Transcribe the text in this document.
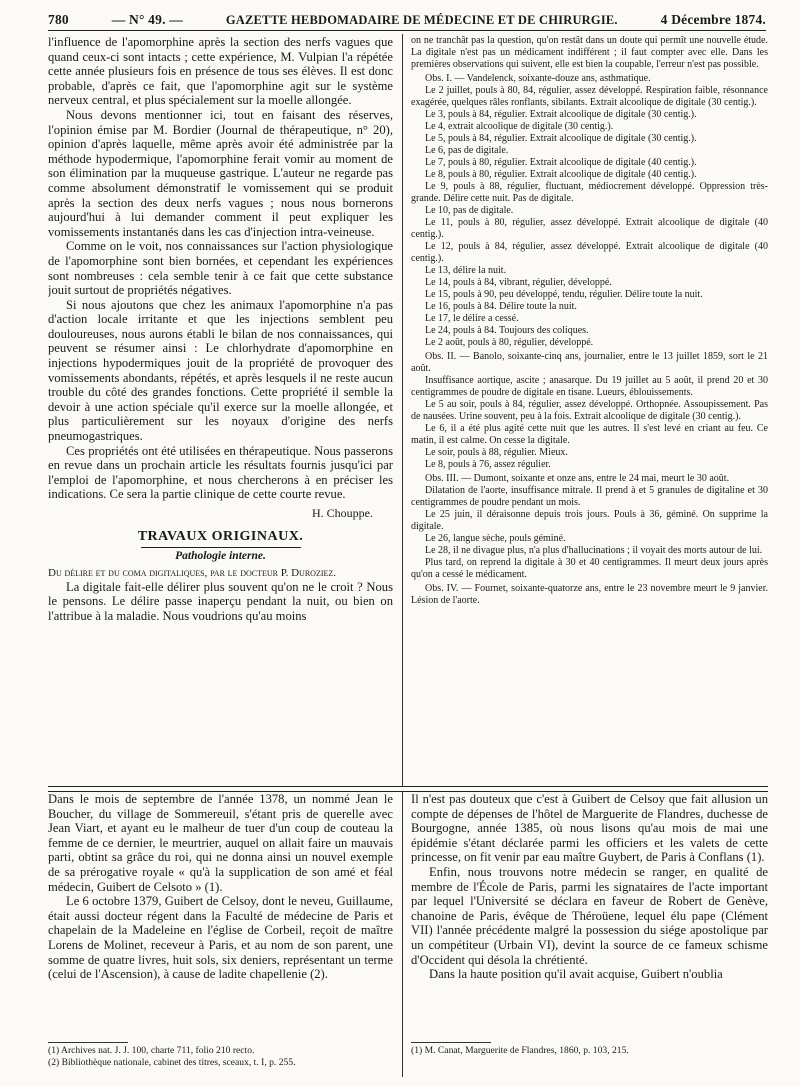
780	— N° 49. —	GAZETTE HEBDOMADAIRE DE MÉDECINE ET DE CHIRURGIE.	4 Décembre 1874.

l'influence de l'apomorphine après la section des nerfs vagues que quand ceux-ci sont intacts ; cette expérience, M. Vulpian l'a répétée cette année plusieurs fois en présence de tous ses élèves. Il est donc probable, d'après ce fait, que l'apomorphine agit sur le système nerveux central, et plus spécialement sur la moelle allongée.

Nous devons mentionner ici, tout en faisant des réserves, l'opinion émise par M. Bordier (Journal de thérapeutique, n° 20), opinion d'après laquelle, même après avoir été administrée par la méthode hypodermique, l'apomorphine ferait vomir au moment de son élimination par la muqueuse gastrique. L'auteur ne regarde pas comme absolument démonstratif le vomissement qui se produit après la section des deux nerfs vagues ; nous nous bornerons aujourd'hui à lui demander comment il peut expliquer les vomissements instantanés dans les cas d'injection intra-veineuse.

Comme on le voit, nos connaissances sur l'action physiologique de l'apomorphine sont bien bornées, et cependant les expériences sont nombreuses : cela semble tenir à ce fait que cette substance jouit surtout de propriétés négatives.

Si nous ajoutons que chez les animaux l'apomorphine n'a pas d'action locale irritante et que les injections semblent peu douloureuses, nous aurons établi le bilan de nos connaissances, qui peuvent se résumer ainsi : Le chlorhydrate d'apomorphine en injections hypodermiques jouit de la propriété de provoquer des vomissements abondants, répétés, et après lesquels il ne reste aucun trouble du côté des grandes fonctions. Cette propriété il semble la devoir à une action spéciale qu'il exerce sur la moelle allongée, et plus particulièrement sur les noyaux d'origine des nerfs pneumogastriques.

Ces propriétés ont été utilisées en thérapeutique. Nous passerons en revue dans un prochain article les résultats fournis jusqu'ici par l'emploi de l'apomorphine, et nous chercherons à en préciser les indications. Ce sera la partie clinique de cette courte revue.

H. Chouppe.

TRAVAUX ORIGINAUX.
Pathologie interne.

Du délire et du coma digitaliques, par le docteur P. Duroziez.

La digitale fait-elle délirer plus souvent qu'on ne le croit ? Nous le pensons. Le délire passe inaperçu pendant la nuit, ou bien on l'attribue à la maladie. Nous voudrions qu'au moins

on ne tranchât pas la question, qu'on restât dans un doute qui permît une nouvelle étude. La digitale n'est pas un médicament indifférent ; il faut compter avec elle. Dans les premières observations qui suivent, elle est bien la coupable, l'erreur n'est pas possible.

Obs. I. — Vandelenck, soixante-douze ans, asthmatique.

Le 2 juillet, pouls à 80, 84, régulier, assez développé. Respiration faible, résonnance exagérée, quelques râles ronflants, sibilants. Extrait alcoolique de digitale (30 centig.).

Le 3, pouls à 84, régulier. Extrait alcoolique de digitale (30 centig.).

Le 4, extrait alcoolique de digitale (30 centig.).

Le 5, pouls à 84, régulier. Extrait alcoolique de digitale (30 centig.).

Le 6, pas de digitale.

Le 7, pouls à 80, régulier. Extrait alcoolique de digitale (40 centig.).

Le 8, pouls à 80, régulier. Extrait alcoolique de digitale (40 centig.).

Le 9, pouls à 88, régulier, fluctuant, médiocrement développé. Oppression très-grande. Délire cette nuit. Pas de digitale.

Le 10, pas de digitale.

Le 11, pouls à 80, régulier, assez développé. Extrait alcoolique de digitale (40 centig.).

Le 12, pouls à 84, régulier, assez développé. Extrait alcoolique de digitale (40 centig.).

Le 13, délire la nuit.

Le 14, pouls à 84, vibrant, régulier, développé.

Le 15, pouls à 90, peu développé, tendu, régulier. Délire toute la nuit.

Le 16, pouls à 84. Délire toute la nuit.

Le 17, le délire a cessé.

Le 24, pouls à 84. Toujours des coliques.

Le 2 août, pouls à 80, régulier, développé.

Obs. II. — Banolo, soixante-cinq ans, journalier, entre le 13 juillet 1859, sort le 21 août.

Insuffisance aortique, ascite ; anasarque. Du 19 juillet au 5 août, il prend 20 et 30 centigrammes de poudre de digitale en tisane. Lueurs, éblouissements.

Le 5 au soir, pouls à 84, régulier, assez développé. Orthopnée. Assoupissement. Pas de nausées. Urine souvent, peu à la fois. Extrait alcoolique de digitale (30 centig.).

Le 6, il a été plus agité cette nuit que les autres. Il s'est levé en criant au feu. Ce matin, il est calme. On cesse la digitale.

Le soir, pouls à 88, régulier. Mieux.

Le 8, pouls à 76, assez régulier.

Obs. III. — Dumont, soixante et onze ans, entre le 24 mai, meurt le 30 août.

Dilatation de l'aorte, insuffisance mitrale. Il prend à et 5 granules de digitaline et 30 centigrammes de poudre pendant un mois.

Le 25 juin, il déraisonne depuis trois jours. Pouls à 36, géminé. On supprime la digitale.

Le 26, langue sèche, pouls géminé.

Le 28, il ne divague plus, n'a plus d'hallucinations ; il voyait des morts autour de lui.

Plus tard, on reprend la digitale à 30 et 40 centigrammes. Il meurt deux jours après qu'on a cessé le médicament.

Obs. IV. — Fournet, soixante-quatorze ans, entre le 23 novembre meurt le 9 janvier. Lésion de l'aorte.

Dans le mois de septembre de l'année 1378, un nommé Jean le Boucher, du village de Sommereuil, s'étant pris de querelle avec Jean Viart, et ayant eu le malheur de tuer d'un coup de couteau la femme de ce dernier, le meurtrier, auquel on allait faire un mauvais parti, obtint sa grâce du roi, qui ne donna ainsi un nouvel exemple de sa prérogative royale « qu'à la supplication de son amé et féal médecin, Guibert de Celsoto » (1).

Le 6 octobre 1379, Guibert de Celsoy, dont le neveu, Guillaume, était aussi docteur régent dans la Faculté de médecine de Paris et chapelain de la Madeleine en l'église de Corbeil, reçoit de maître Lorens de Molinet, receveur à Paris, et au nom de son parent, une somme de quatre livres, huit sols, six deniers, représentant un terme (celui de l'Ascension), à cause de ladite chapellenie (2).

Il n'est pas douteux que c'est à Guibert de Celsoy que fait allusion un compte de dépenses de l'hôtel de Marguerite de Flandres, duchesse de Bourgogne, année 1385, où nous lisons qu'au mois de mai une épidémie s'étant déclarée parmi les officiers et les valets de cette princesse, on fit venir par eau maître Guybert, de Paris à Conflans (1).

Enfin, nous trouvons notre médecin se ranger, en qualité de membre de l'École de Paris, parmi les signataires de l'acte important par lequel l'Université se déclara en faveur de Robert de Genève, chanoine de Paris, évêque de Théroüene, lequel élu pape (Clément VII) l'année précédente malgré la possession du siége apostolique par un compétiteur (Urbain VI), devint la source de ce fameux schisme d'Occident qui désola la chrétienté.

Dans la haute position qu'il avait acquise, Guibert n'oublia

(1) Archives nat. J. J. 100, charte 711, folio 210 recto.
(2) Bibliothèque nationale, cabinet des titres, sceaux, t. I, p. 255.
(1) M. Canat, Marguerite de Flandres, 1860, p. 103, 215.
